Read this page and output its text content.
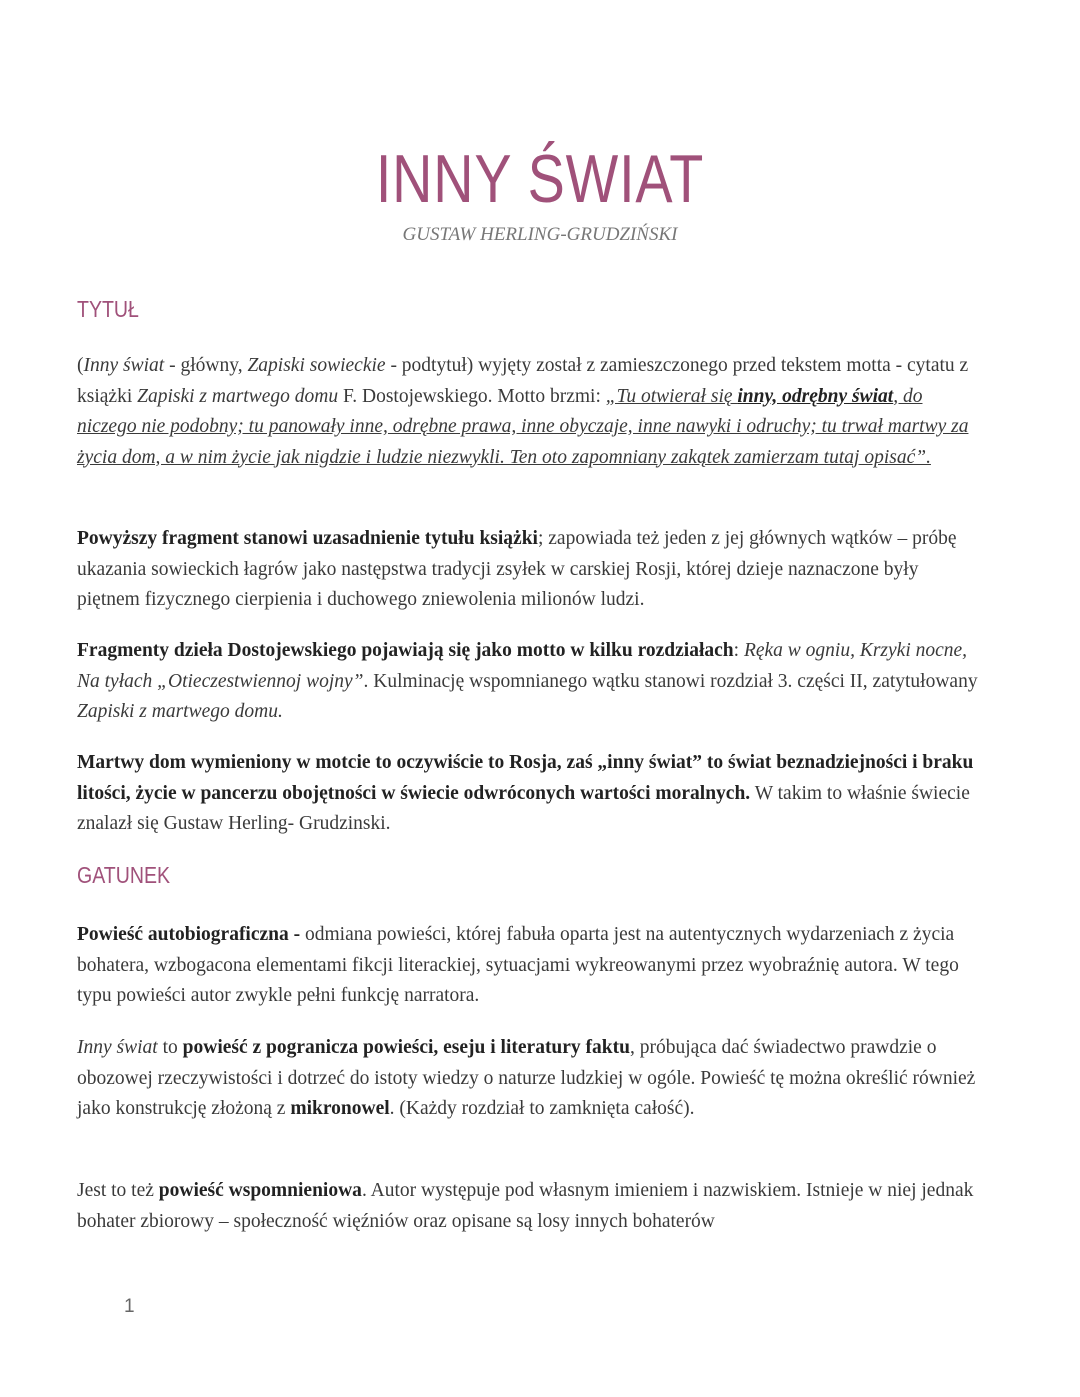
INNY ŚWIAT
GUSTAW HERLING-GRUDZIŃSKI
TYTUŁ

(Inny świat - główny, Zapiski sowieckie - podtytuł) wyjęty został z zamieszczonego przed tekstem motta - cytatu z książki Zapiski z martwego domu F. Dostojewskiego. Motto brzmi: „Tu otwierał się inny, odrębny świat, do niczego nie podobny; tu panowały inne, odrębne prawa, inne obyczaje, inne nawyki i odruchy; tu trwał martwy za życia dom, a w nim życie jak nigdzie i ludzie niezwykli. Ten oto zapomniany zakątek zamierzam tutaj opisać”.

Powyższy fragment stanowi uzasadnienie tytułu książki; zapowiada też jeden z jej głównych wątków – próbę ukazania sowieckich łagrów jako następstwa tradycji zsyłek w carskiej Rosji, której dzieje naznaczone były piętnem fizycznego cierpienia i duchowego zniewolenia milionów ludzi.

Fragmenty dzieła Dostojewskiego pojawiają się jako motto w kilku rozdziałach: Ręka w ogniu, Krzyki nocne, Na tyłach „Otieczestwiennoj wojny”. Kulminację wspomnianego wątku stanowi rozdział 3. części II, zatytułowany Zapiski z martwego domu.

Martwy dom wymieniony w motcie to oczywiście to Rosja, zaś „inny świat” to świat beznadziejności i braku litości, życie w pancerzu obojętności w świecie odwróconych wartości moralnych. W takim to właśnie świecie znalazł się Gustaw Herling- Grudzinski.

GATUNEK

Powieść autobiograficzna - odmiana powieści, której fabuła oparta jest na autentycznych wydarzeniach z życia bohatera, wzbogacona elementami fikcji literackiej, sytuacjami wykreowanymi przez wyobraźnię autora. W tego typu powieści autor zwykle pełni funkcję narratora.

Inny świat to powieść z pogranicza powieści, eseju i literatury faktu, próbująca dać świadectwo prawdzie o obozowej rzeczywistości i dotrzeć do istoty wiedzy o naturze ludzkiej w ogóle. Powieść tę można określić również jako konstrukcję złożoną z mikronowel. (Każdy rozdział to zamknięta całość).

Jest to też powieść wspomnieniowa. Autor występuje pod własnym imieniem i nazwiskiem. Istnieje w niej jednak bohater zbiorowy – społeczność więźniów oraz opisane są losy innych bohaterów

1
